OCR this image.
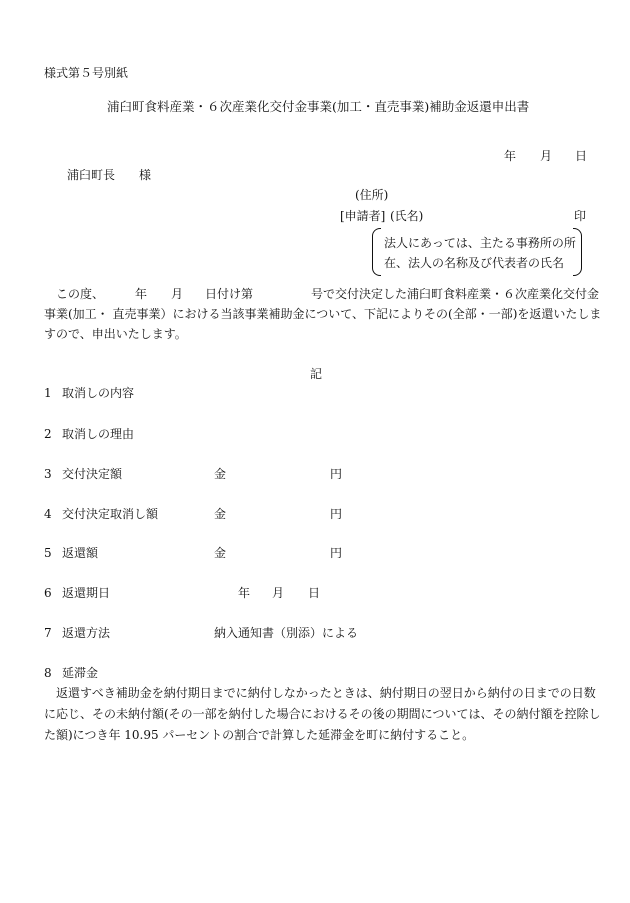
様式第５号別紙
浦臼町食料産業・６次産業化交付金事業(加工・直売事業)補助金返還申出書
年 月 日
浦臼町長 様
(住所)
[申請者] (氏名)	印
法人にあっては、主たる事務所の所
在、法人の名称及び代表者の氏名
この度、	年 月 日付け第	号で交付決定した浦臼町食料産業・６次産業化交付金
事業(加工・ 直売事業）における当該事業補助金について、下記によりその(全部・一部)を返還いたしま
すので、申出いたします。
記
1 取消しの内容
2 取消しの理由
3 交付決定額	金	円
4 交付決定取消し額	金	円
5 返還額	金	円
6 返還期日	年 月 日
7 返還方法	納入通知書（別添）による
8 延滞金
返還すべき補助金を納付期日までに納付しなかったときは、納付期日の翌日から納付の日までの日数
に応じ、その未納付額(その一部を納付した場合におけるその後の期間については、その納付額を控除し
た額)につき年 10.95 パーセントの割合で計算した延滞金を町に納付すること。
